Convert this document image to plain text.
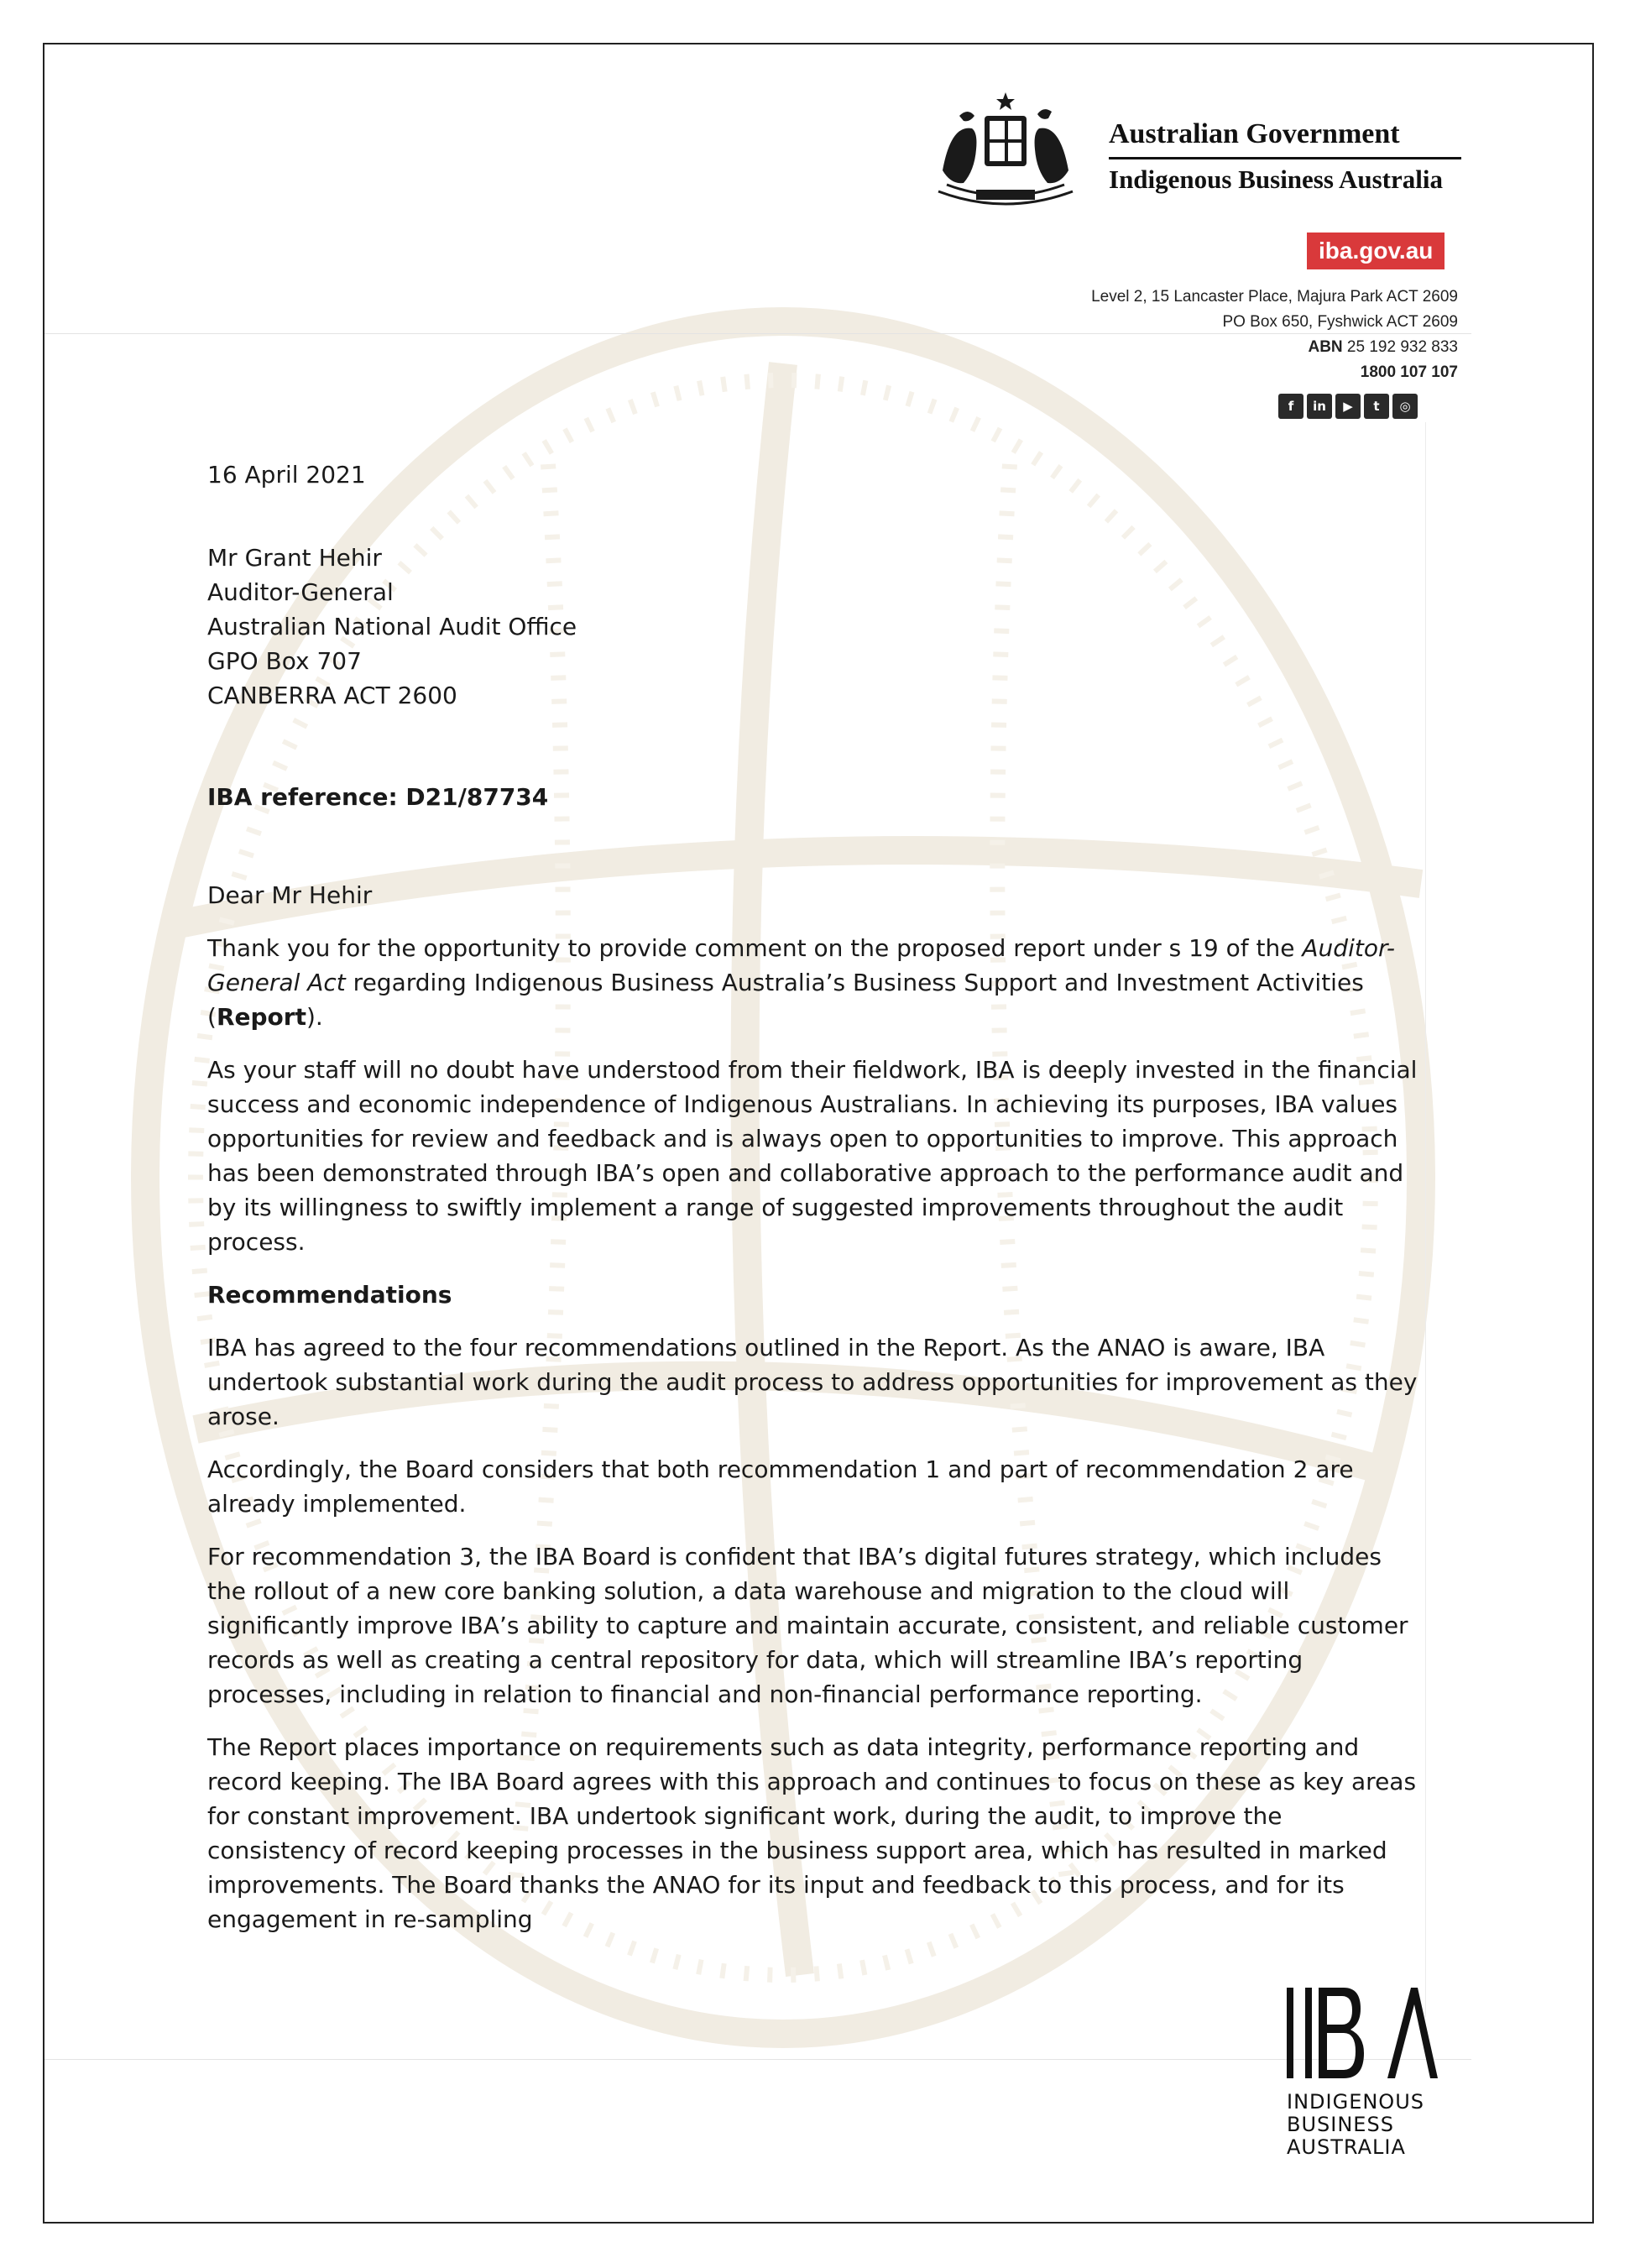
Australian Government
Indigenous Business Australia
iba.gov.au
Level 2, 15 Lancaster Place, Majura Park ACT 2609
PO Box 650, Fyshwick ACT 2609
ABN 25 192 932 833
1800 107 107
f	in	▶	t	◎

16 April 2021

Mr Grant Hehir

Auditor-General

Australian National Audit Office

GPO Box 707

CANBERRA ACT 2600

IBA reference: D21/87734

Dear Mr Hehir

Thank you for the opportunity to provide comment on the proposed report under s 19 of the Auditor-General Act regarding Indigenous Business Australia’s Business Support and Investment Activities (Report).

As your staff will no doubt have understood from their fieldwork, IBA is deeply invested in the financial success and economic independence of Indigenous Australians. In achieving its purposes, IBA values opportunities for review and feedback and is always open to opportunities to improve. This approach has been demonstrated through IBA’s open and collaborative approach to the performance audit and by its willingness to swiftly implement a range of suggested improvements throughout the audit process.

Recommendations

IBA has agreed to the four recommendations outlined in the Report. As the ANAO is aware, IBA undertook substantial work during the audit process to address opportunities for improvement as they arose.

Accordingly, the Board considers that both recommendation 1 and part of recommendation 2 are already implemented.

For recommendation 3, the IBA Board is confident that IBA’s digital futures strategy, which includes the rollout of a new core banking solution, a data warehouse and migration to the cloud will significantly improve IBA’s ability to capture and maintain accurate, consistent, and reliable customer records as well as creating a central repository for data, which will streamline IBA’s reporting processes, including in relation to financial and non-financial performance reporting.

The Report places importance on requirements such as data integrity, performance reporting and record keeping. The IBA Board agrees with this approach and continues to focus on these as key areas for constant improvement. IBA undertook significant work, during the audit, to improve the consistency of record keeping processes in the business support area, which has resulted in marked improvements. The Board thanks the ANAO for its input and feedback to this process, and for its engagement in re-sampling

INDIGENOUS
BUSINESS
AUSTRALIA
